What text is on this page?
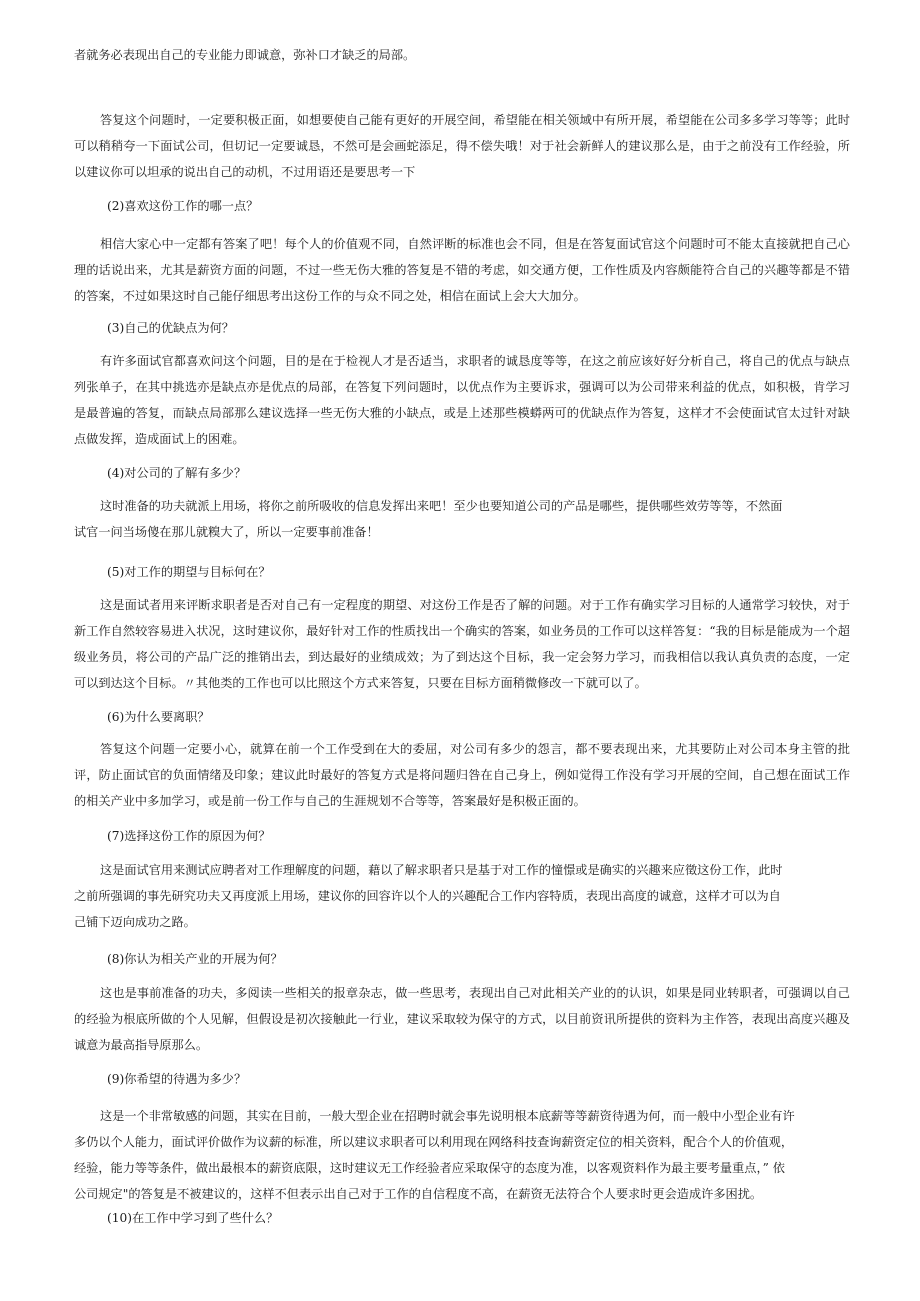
者就务必表现出自己的专业能力即诚意，弥补口才缺乏的局部。

答复这个问题时，一定要积极正面，如想要使自己能有更好的开展空间，希望能在相关领域中有所开展，希望能在公司多多学习等等；此时可以稍稍夸一下面试公司，但切记一定要诚恳，不然可是会画蛇添足，得不偿失哦！对于社会新鲜人的建议那么是，由于之前没有工作经验，所以建议你可以坦承的说出自己的动机，不过用语还是要思考一下

(2)喜欢这份工作的哪一点？

相信大家心中一定都有答案了吧！每个人的价值观不同，自然评断的标准也会不同，但是在答复面试官这个问题时可不能太直接就把自己心理的话说出来，尤其是薪资方面的问题，不过一些无伤大雅的答复是不错的考虑，如交通方便，工作性质及内容颇能符合自己的兴趣等都是不错的答案，不过如果这时自己能仔细思考出这份工作的与众不同之处，相信在面试上会大大加分。

(3)自己的优缺点为何？

有许多面试官都喜欢问这个问题，目的是在于检视人才是否适当，求职者的诚恳度等等，在这之前应该好好分析自己，将自己的优点与缺点列张单子，在其中挑选亦是缺点亦是优点的局部，在答复下列问题时，以优点作为主要诉求，强调可以为公司带来利益的优点，如积极，肯学习是最普遍的答复，而缺点局部那么建议选择一些无伤大雅的小缺点，或是上述那些模蟒两可的优缺点作为答复，这样才不会使面试官太过针对缺点做发挥，造成面试上的困难。

(4)对公司的了解有多少？
这时准备的功夫就派上用场，将你之前所吸收的信息发挥出来吧！至少也要知道公司的产品是哪些，提供哪些效劳等等，不然面
试官一问当场傻在那儿就糗大了，所以一定要事前准备！
(5)对工作的期望与目标何在？

这是面试者用来评断求职者是否对自己有一定程度的期望、对这份工作是否了解的问题。对于工作有确实学习目标的人通常学习较快，对于新工作自然较容易进入状况，这时建议你，最好针对工作的性质找出一个确实的答案，如业务员的工作可以这样答复：“我的目标是能成为一个超级业务员，将公司的产品广泛的推销出去，到达最好的业绩成效；为了到达这个目标，我一定会努力学习，而我相信以我认真负责的态度，一定可以到达这个目标。〃其他类的工作也可以比照这个方式来答复，只要在目标方面稍微修改一下就可以了。

(6)为什么要离职？

答复这个问题一定要小心，就算在前一个工作受到在大的委屈，对公司有多少的怨言，都不要表现出来，尤其要防止对公司本身主管的批评，防止面试官的负面情绪及印象；建议此时最好的答复方式是将问题归咎在自己身上，例如觉得工作没有学习开展的空间，自己想在面试工作的相关产业中多加学习，或是前一份工作与自己的生涯规划不合等等，答案最好是积极正面的。

(7)选择这份工作的原因为何？
这是面试官用来测试应聘者对工作理解度的问题，藉以了解求职者只是基于对工作的憧憬或是确实的兴趣来应徵这份工作，此时
之前所强调的事先研究功夫又再度派上用场，建议你的回容许以个人的兴趣配合工作内容特质，表现出高度的诚意，这样才可以为自
己铺下迈向成功之路。
(8)你认为相关产业的开展为何？

这也是事前准备的功夫，多阅读一些相关的报章杂志，做一些思考，表现出自己对此相关产业的的认识，如果是同业转职者，可强调以自己的经验为根底所做的个人见解，但假设是初次接触此一行业，建议采取较为保守的方式，以目前资讯所提供的资料为主作答，表现出高度兴趣及诚意为最高指导原那么。

(9)你希望的待遇为多少？
这是一个非常敏感的问题，其实在目前，一般大型企业在招聘时就会事先说明根本底薪等等薪资待遇为何，而一般中小型企业有许
多仍以个人能力，面试评价做作为议薪的标准，所以建议求职者可以利用现在网络科技查询薪资定位的相关资料，配合个人的价值观，
经验，能力等等条件，做出最根本的薪资底限，这时建议无工作经验者应采取保守的态度为准，以客观资料作为最主要考量重点，” 依
公司规定"的答复是不被建议的，这样不但表示出自己对于工作的自信程度不高，在薪资无法符合个人要求时更会造成许多困扰。
(10)在工作中学习到了些什么？
